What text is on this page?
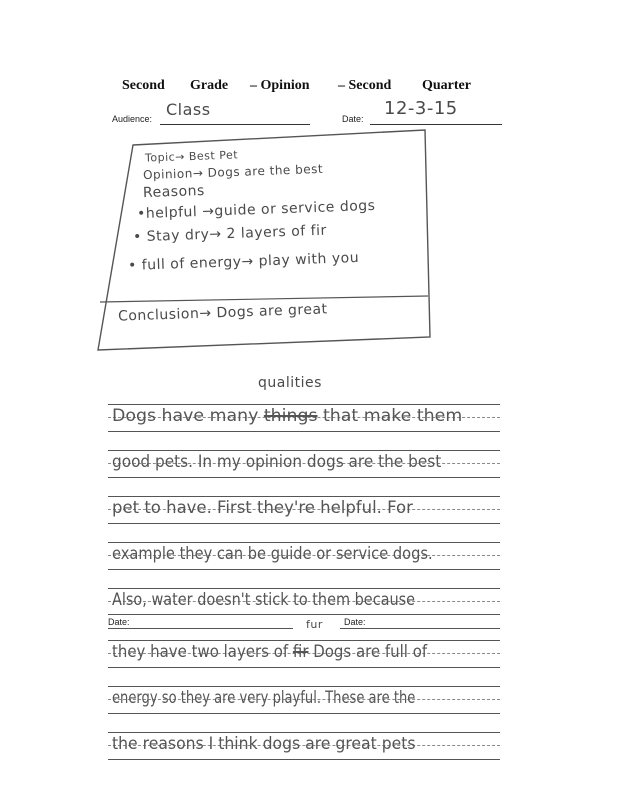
Second Grade – Opinion – Second Quarter
Audience: Class	Date: 12-3-15
Topic→ Best Pet
Opinion→ Dogs are the best
Reasons
•helpful →guide or service dogs
• Stay dry→ 2 layers of fir
• full of energy→ play with you
Conclusion→ Dogs are great
qualities
Dogs have many things that make them
good pets. In my opinion dogs are the best
pet to have. First they're helpful. For
example they can be guide or service dogs.
Also, water doesn't stick to them because
Date:	Date:
fur
they have two layers of fir Dogs are full of
energy so they are very playful. These are the
the reasons I think dogs are great pets
